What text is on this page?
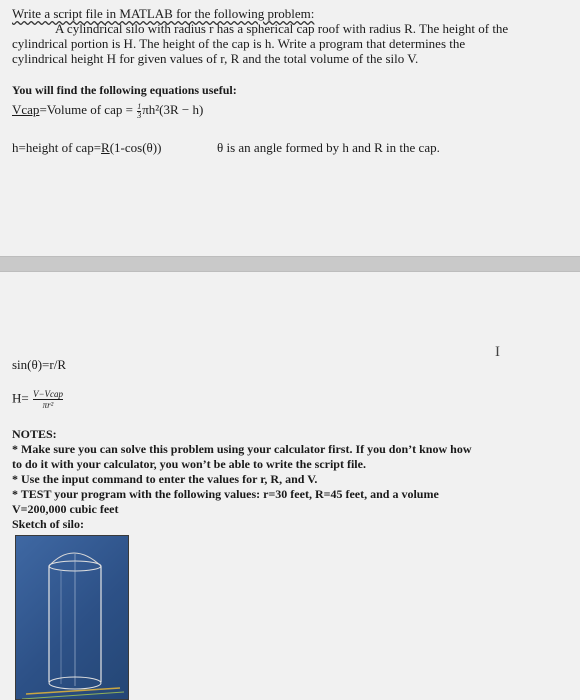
Write a script file in MATLAB for the following problem:
A cylindrical silo with radius r has a spherical cap roof with radius R. The height of the
cylindrical portion is H. The height of the cap is h. Write a program that determines the
cylindrical height H for given values of r, R and the total volume of the silo V.
You will find the following equations useful:
Vcap=Volume of cap = $\frac{1}{3} \pi h^2(3R - h)$
h=height of cap=R(1-cos(θ))	θ is an angle formed by h and R in the cap.
I
sin(θ)=r/R
$H= \frac{\text{V−Vcap}}{\text{πr²}}$
NOTES:
* Make sure you can solve this problem using your calculator first. If you don’t know how
to do it with your calculator, you won’t be able to write the script file.
* Use the input command to enter the values for r, R, and V.
* TEST your program with the following values: r=30 feet, R=45 feet, and a volume
V=200,000 cubic feet
Sketch of silo:
